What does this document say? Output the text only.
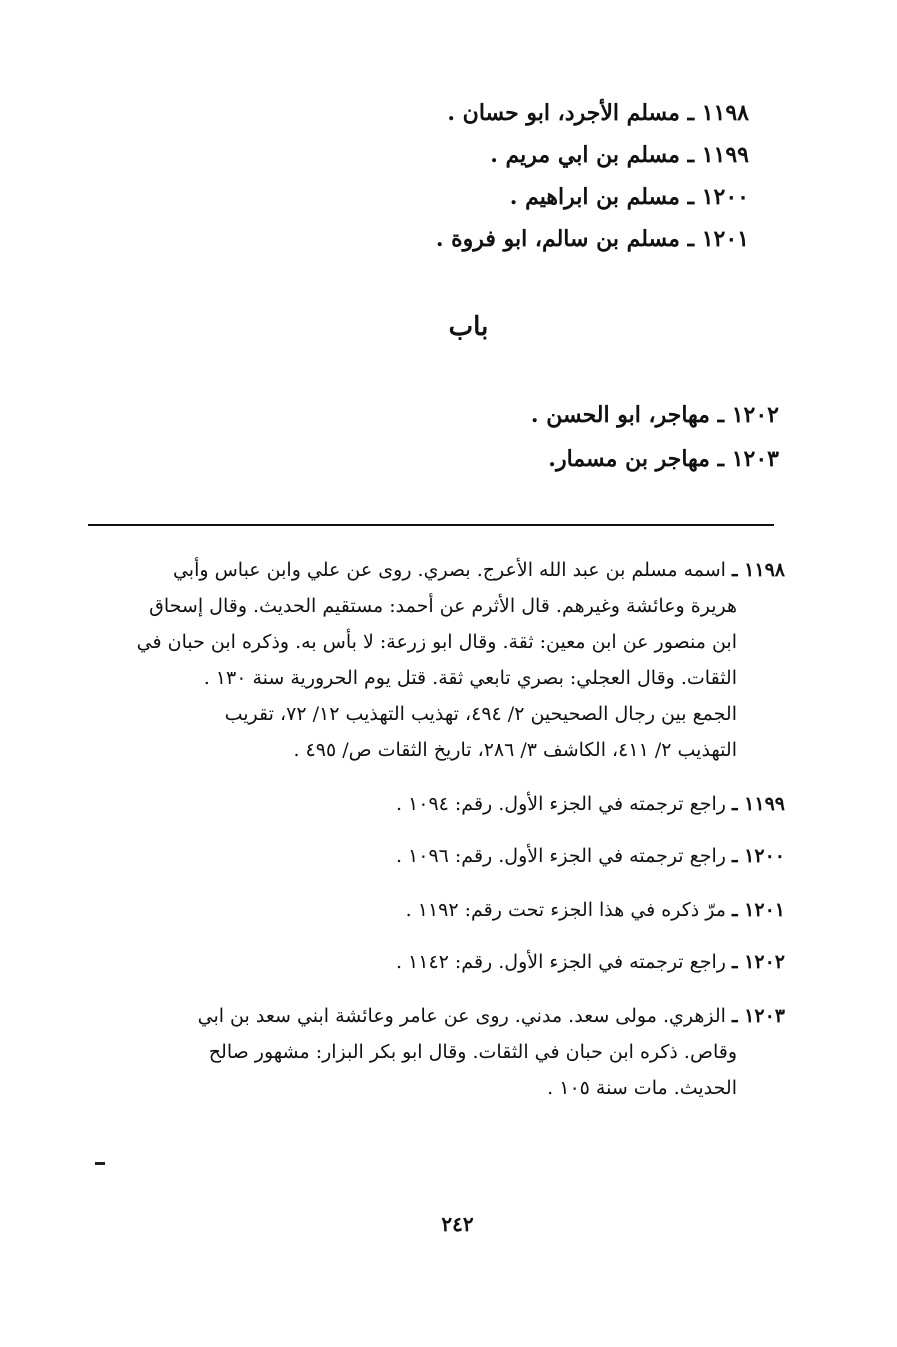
١١٩٨ ـ مسلم الأجرد، ابو حسان .
١١٩٩ ـ مسلم بن ابي مريم .
١٢٠٠ ـ مسلم بن ابراهيم .
١٢٠١ ـ مسلم بن سالم، ابو فروة .
باب
١٢٠٢ ـ مهاجر، ابو الحسن .
١٢٠٣ ـ مهاجر بن مسمار.
١١٩٨ ـ اسمه مسلم بن عبد الله الأعرج. بصري. روى عن علي وابن عباس وأبي
هريرة وعائشة وغيرهم. قال الأثرم عن أحمد: مستقيم الحديث. وقال إسحاق
ابن منصور عن ابن معين: ثقة. وقال ابو زرعة: لا بأس به. وذكره ابن حبان في
الثقات. وقال العجلي: بصري تابعي ثقة. قتل يوم الحرورية سنة ١٣٠ .
الجمع بين رجال الصحيحين ٢/ ٤٩٤، تهذيب التهذيب ١٢/ ٧٢، تقريب
التهذيب ٢/ ٤١١، الكاشف ٣/ ٢٨٦، تاريخ الثقات ص/ ٤٩٥ .
١١٩٩ ـ راجع ترجمته في الجزء الأول. رقم: ١٠٩٤ .
١٢٠٠ ـ راجع ترجمته في الجزء الأول. رقم: ١٠٩٦ .
١٢٠١ ـ مرّ ذكره في هذا الجزء تحت رقم: ١١٩٢ .
١٢٠٢ ـ راجع ترجمته في الجزء الأول. رقم: ١١٤٢ .
١٢٠٣ ـ الزهري. مولى سعد. مدني. روى عن عامر وعائشة ابني سعد بن ابي
وقاص. ذكره ابن حبان في الثقات. وقال ابو بكر البزار: مشهور صالح
الحديث. مات سنة ١٠٥ .
٢٤٢
